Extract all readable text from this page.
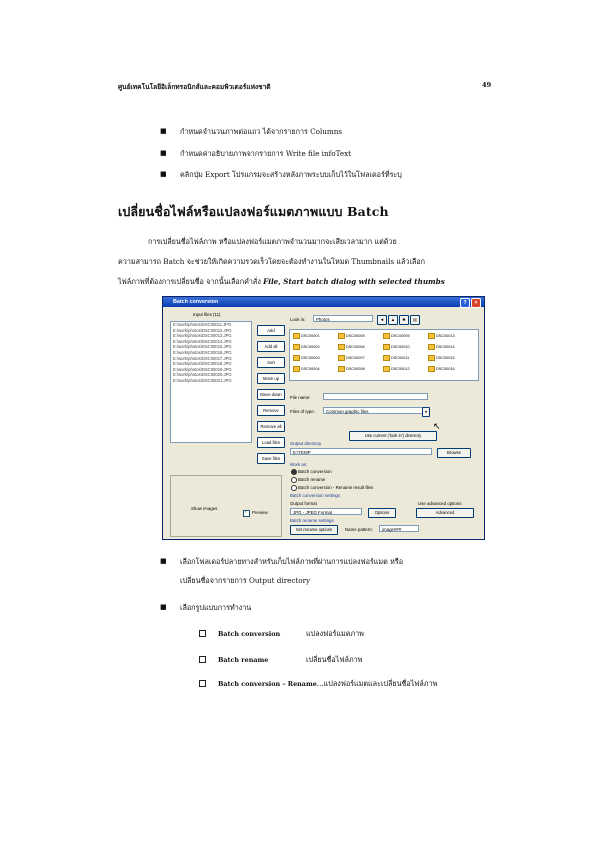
ศูนย์เทคโนโลยีอิเล็กทรอนิกส์และคอมพิวเตอร์แห่งชาติ	49
■ กำหนดจำนวนภาพต่อแถว ได้จากรายการ Columns
■ กำหนดค่าอธิบายภาพจากรายการ Write file infoText
■ คลิกปุ่ม Export โปรแกรมจะสร้างหลังภาพระบบเก็บไว้ในโฟลเดอร์ที่ระบุ
เปลี่ยนชื่อไฟล์หรือแปลงฟอร์แมตภาพแบบ Batch
การเปลี่ยนชื่อไฟล์ภาพ หรือแปลงฟอร์แมตภาพจำนวนมากจะเสียเวลามาก แต่ด้วย
ความสามารถ Batch จะช่วยให้เกิดความรวดเร็วโดยจะต้องทำงานในโหมด Thumbnails แล้วเลือก
ไฟล์ภาพที่ต้องการเปลี่ยนชื่อ จากนั้นเลือกคำสั่ง File, Start batch dialog with selected thumbs
Batch conversion	?	×
Input files (11)
E:\work\photos\DSC00011.JPG
E:\work\photos\DSC00012.JPG
E:\work\photos\DSC00013.JPG
E:\work\photos\DSC00014.JPG
E:\work\photos\DSC00015.JPG
E:\work\photos\DSC00016.JPG
E:\work\photos\DSC00017.JPG
E:\work\photos\DSC00018.JPG
E:\work\photos\DSC00019.JPG
E:\work\photos\DSC00020.JPG
E:\work\photos\DSC00021.JPG
Add
Add all
Sort
Move up
Move down
Remove
Remove all
Load files
Save files
Look in:	Photos	◄	▲	✱	▤
DSC00001
DSC00002
DSC00003
DSC00004
DSC00005
DSC00006
DSC00007
DSC00008
DSC00009
DSC00010
DSC00011
DSC00012
DSC00013
DSC00014
DSC00015
DSC00016
File name:
Files of type:	Common graphic files	▾
Use current ('look in') directory
Output directory
E:\TEMP	Browse
Work as:
Batch conversion
Batch rename
Batch conversion - Rename result files
Batch conversion settings
Output format
JPG - JPEG Format	Options
Use advanced options
Advanced
Batch rename settings
Set rename options	Name pattern:	image###
Show images
✓ Preview
↖
■ เลือกโฟลเดอร์ปลายทางสำหรับเก็บไฟล์ภาพที่ผ่านการแปลงฟอร์แมต หรือ
เปลี่ยนชื่อจากรายการ Output directory
■ เลือกรูปแบบการทำงาน
Batch conversion	แปลงฟอร์แมตภาพ
Batch rename	เปลี่ยนชื่อไฟล์ภาพ
Batch conversion – Rename...แปลงฟอร์แมตและเปลี่ยนชื่อไฟล์ภาพ
